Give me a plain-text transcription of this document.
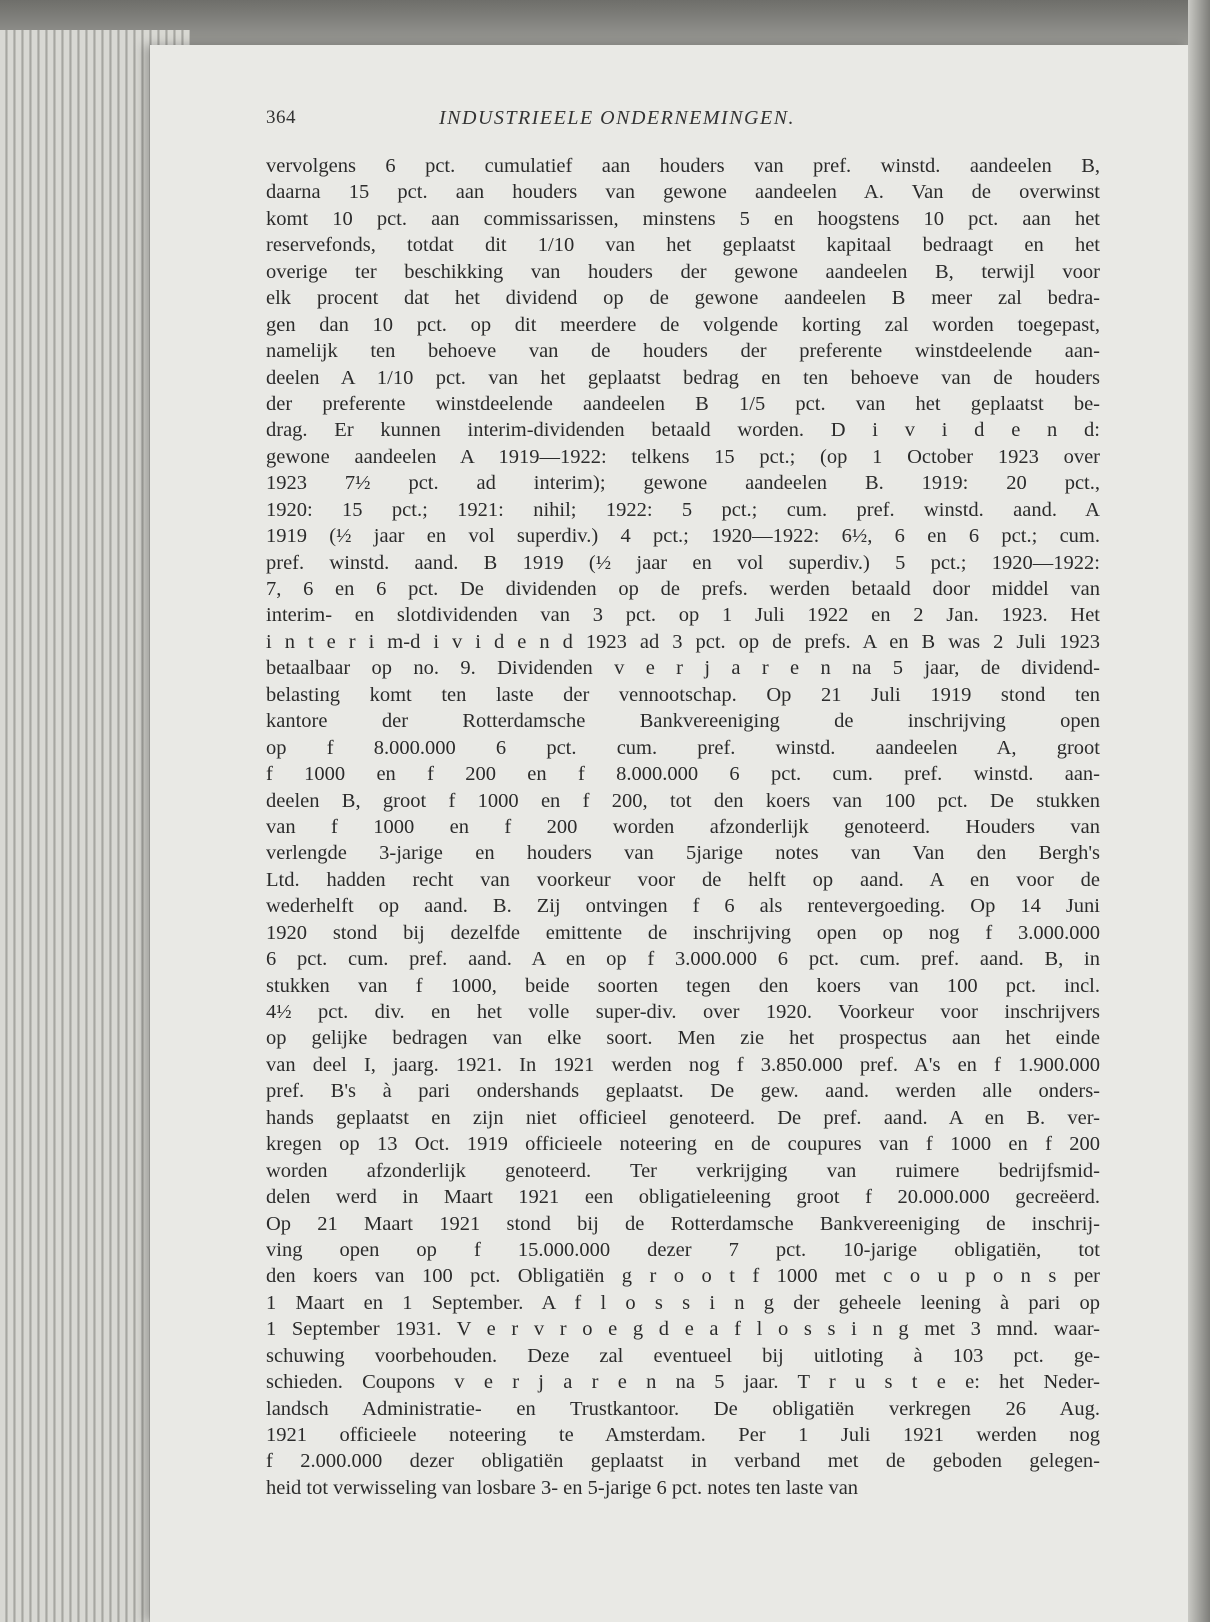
364	INDUSTRIEELE ONDERNEMINGEN.
vervolgens 6 pct. cumulatief aan houders van pref. winstd. aandeelen B,
daarna 15 pct. aan houders van gewone aandeelen A. Van de overwinst
komt 10 pct. aan commissarissen, minstens 5 en hoogstens 10 pct. aan het
reservefonds, totdat dit 1/10 van het geplaatst kapitaal bedraagt en het
overige ter beschikking van houders der gewone aandeelen B, terwijl voor
elk procent dat het dividend op de gewone aandeelen B meer zal bedra-
gen dan 10 pct. op dit meerdere de volgende korting zal worden toegepast,
namelijk ten behoeve van de houders der preferente winstdeelende aan-
deelen A 1/10 pct. van het geplaatst bedrag en ten behoeve van de houders
der preferente winstdeelende aandeelen B 1/5 pct. van het geplaatst be-
drag. Er kunnen interim-dividenden betaald worden. D i v i d e n d:
gewone aandeelen A 1919—1922: telkens 15 pct.; (op 1 October 1923 over
1923 7½ pct. ad interim); gewone aandeelen B. 1919: 20 pct.,
1920: 15 pct.; 1921: nihil; 1922: 5 pct.; cum. pref. winstd. aand. A
1919 (½ jaar en vol superdiv.) 4 pct.; 1920—1922: 6½, 6 en 6 pct.; cum.
pref. winstd. aand. B 1919 (½ jaar en vol superdiv.) 5 pct.; 1920—1922:
7, 6 en 6 pct. De dividenden op de prefs. werden betaald door middel van
interim- en slotdividenden van 3 pct. op 1 Juli 1922 en 2 Jan. 1923. Het
i n t e r i m-d i v i d e n d 1923 ad 3 pct. op de prefs. A en B was 2 Juli 1923
betaalbaar op no. 9. Dividenden v e r j a r e n na 5 jaar, de dividend-
belasting komt ten laste der vennootschap. Op 21 Juli 1919 stond ten
kantore der Rotterdamsche Bankvereeniging de inschrijving open
op f 8.000.000 6 pct. cum. pref. winstd. aandeelen A, groot
f 1000 en f 200 en f 8.000.000 6 pct. cum. pref. winstd. aan-
deelen B, groot f 1000 en f 200, tot den koers van 100 pct. De stukken
van f 1000 en f 200 worden afzonderlijk genoteerd. Houders van
verlengde 3-jarige en houders van 5jarige notes van Van den Bergh's
Ltd. hadden recht van voorkeur voor de helft op aand. A en voor de
wederhelft op aand. B. Zij ontvingen f 6 als rentevergoeding. Op 14 Juni
1920 stond bij dezelfde emittente de inschrijving open op nog f 3.000.000
6 pct. cum. pref. aand. A en op f 3.000.000 6 pct. cum. pref. aand. B, in
stukken van f 1000, beide soorten tegen den koers van 100 pct. incl.
4½ pct. div. en het volle super-div. over 1920. Voorkeur voor inschrijvers
op gelijke bedragen van elke soort. Men zie het prospectus aan het einde
van deel I, jaarg. 1921. In 1921 werden nog f 3.850.000 pref. A's en f 1.900.000
pref. B's à pari ondershands geplaatst. De gew. aand. werden alle onders-
hands geplaatst en zijn niet officieel genoteerd. De pref. aand. A en B. ver-
kregen op 13 Oct. 1919 officieele noteering en de coupures van f 1000 en f 200
worden afzonderlijk genoteerd. Ter verkrijging van ruimere bedrijfsmid-
delen werd in Maart 1921 een obligatieleening groot f 20.000.000 gecreëerd.
Op 21 Maart 1921 stond bij de Rotterdamsche Bankvereeniging de inschrij-
ving open op f 15.000.000 dezer 7 pct. 10-jarige obligatiën, tot
den koers van 100 pct. Obligatiën g r o o t f 1000 met c o u p o n s per
1 Maart en 1 September. A f l o s s i n g der geheele leening à pari op
1 September 1931. V e r v r o e g d e a f l o s s i n g met 3 mnd. waar-
schuwing voorbehouden. Deze zal eventueel bij uitloting à 103 pct. ge-
schieden. Coupons v e r j a r e n na 5 jaar. T r u s t e e: het Neder-
landsch Administratie- en Trustkantoor. De obligatiën verkregen 26 Aug.
1921 officieele noteering te Amsterdam. Per 1 Juli 1921 werden nog
f 2.000.000 dezer obligatiën geplaatst in verband met de geboden gelegen-
heid tot verwisseling van losbare 3- en 5-jarige 6 pct. notes ten laste van
